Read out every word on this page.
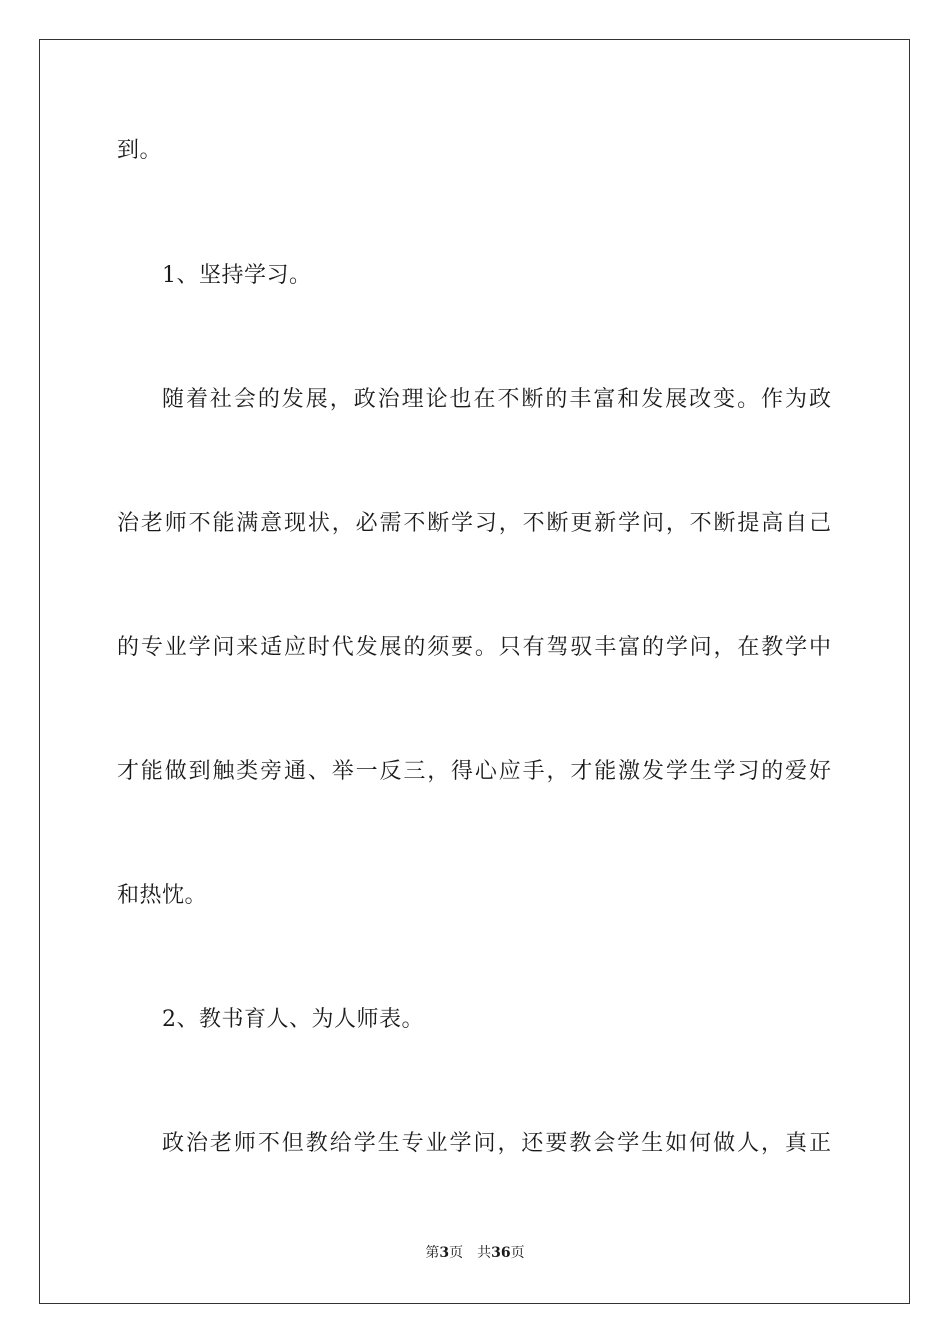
到。
1、坚持学习。
随着社会的发展，政治理论也在不断的丰富和发展改变。作为政
治老师不能满意现状，必需不断学习，不断更新学问，不断提高自己
的专业学问来适应时代发展的须要。只有驾驭丰富的学问，在教学中
才能做到触类旁通、举一反三，得心应手，才能激发学生学习的爱好
和热忱。
2、教书育人、为人师表。
政治老师不但教给学生专业学问，还要教会学生如何做人，真正
第3页 共36页
